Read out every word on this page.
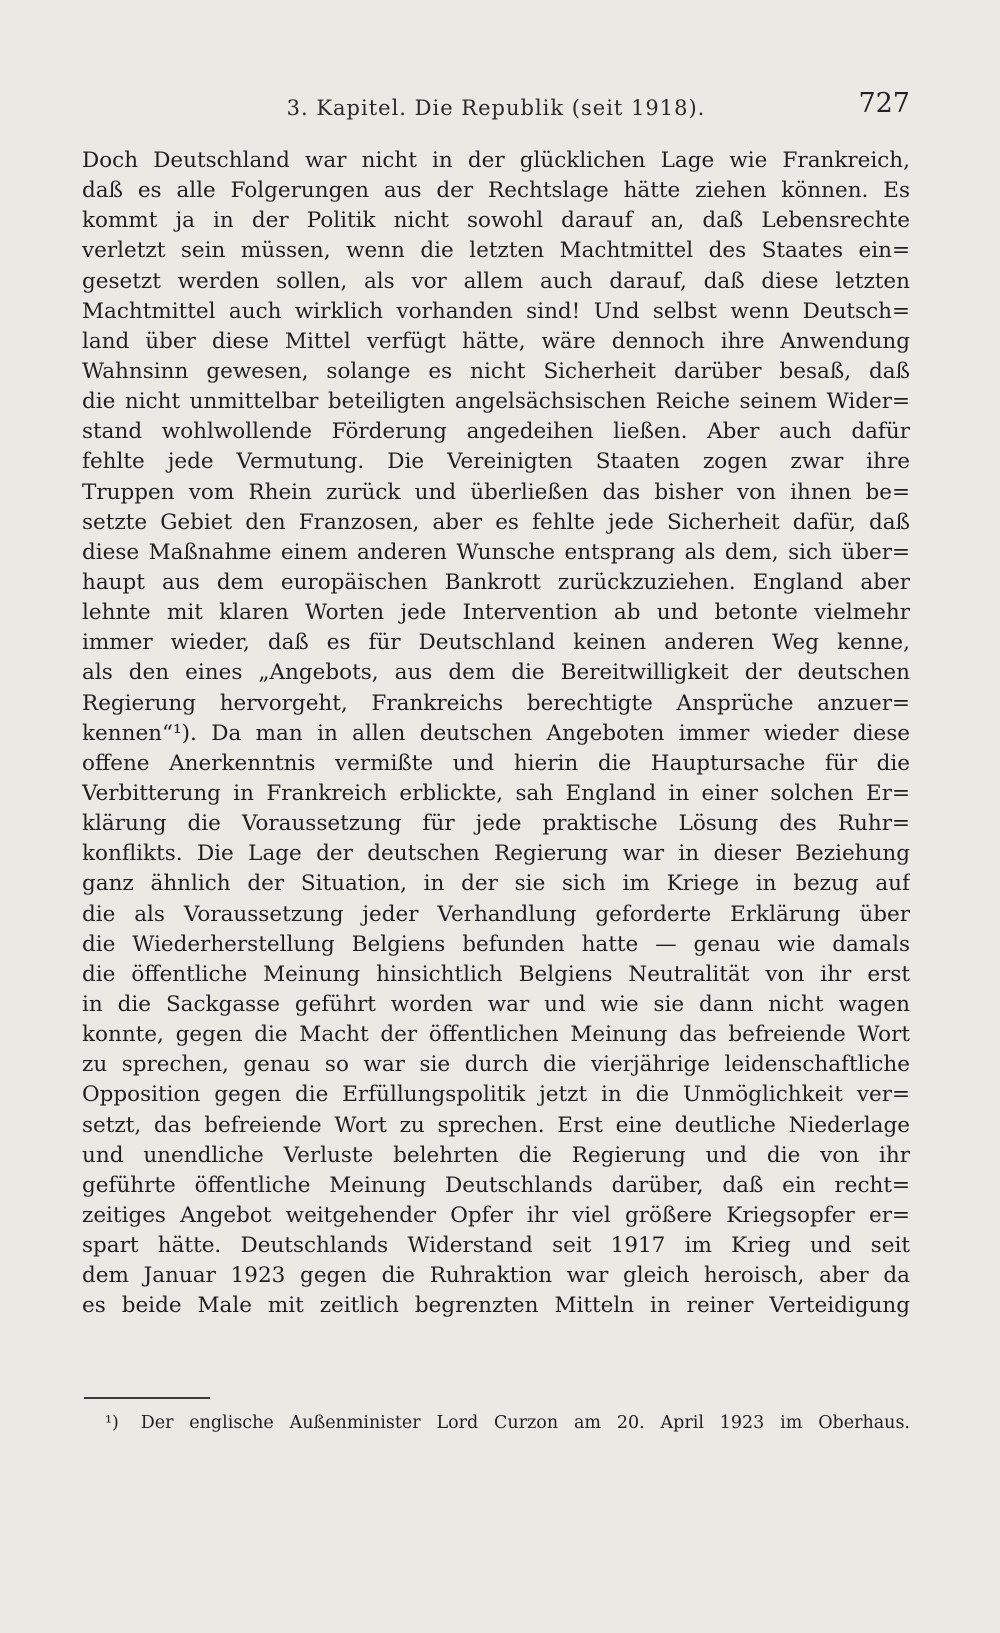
3. Kapitel. Die Republik (seit 1918).	727
Doch Deutschland war nicht in der glücklichen Lage wie Frankreich,
daß es alle Folgerungen aus der Rechtslage hätte ziehen können. Es
kommt ja in der Politik nicht sowohl darauf an, daß Lebensrechte
verletzt sein müssen, wenn die letzten Machtmittel des Staates ein=
gesetzt werden sollen, als vor allem auch darauf, daß diese letzten
Machtmittel auch wirklich vorhanden sind! Und selbst wenn Deutsch=
land über diese Mittel verfügt hätte, wäre dennoch ihre Anwendung
Wahnsinn gewesen, solange es nicht Sicherheit darüber besaß, daß
die nicht unmittelbar beteiligten angelsächsischen Reiche seinem Wider=
stand wohlwollende Förderung angedeihen ließen. Aber auch dafür
fehlte jede Vermutung. Die Vereinigten Staaten zogen zwar ihre
Truppen vom Rhein zurück und überließen das bisher von ihnen be=
setzte Gebiet den Franzosen, aber es fehlte jede Sicherheit dafür, daß
diese Maßnahme einem anderen Wunsche entsprang als dem, sich über=
haupt aus dem europäischen Bankrott zurückzuziehen. England aber
lehnte mit klaren Worten jede Intervention ab und betonte vielmehr
immer wieder, daß es für Deutschland keinen anderen Weg kenne,
als den eines „Angebots, aus dem die Bereitwilligkeit der deutschen
Regierung hervorgeht, Frankreichs berechtigte Ansprüche anzuer=
kennen“¹). Da man in allen deutschen Angeboten immer wieder diese
offene Anerkenntnis vermißte und hierin die Hauptursache für die
Verbitterung in Frankreich erblickte, sah England in einer solchen Er=
klärung die Voraussetzung für jede praktische Lösung des Ruhr=
konflikts. Die Lage der deutschen Regierung war in dieser Beziehung
ganz ähnlich der Situation, in der sie sich im Kriege in bezug auf
die als Voraussetzung jeder Verhandlung geforderte Erklärung über
die Wiederherstellung Belgiens befunden hatte — genau wie damals
die öffentliche Meinung hinsichtlich Belgiens Neutralität von ihr erst
in die Sackgasse geführt worden war und wie sie dann nicht wagen
konnte, gegen die Macht der öffentlichen Meinung das befreiende Wort
zu sprechen, genau so war sie durch die vierjährige leidenschaftliche
Opposition gegen die Erfüllungspolitik jetzt in die Unmöglichkeit ver=
setzt, das befreiende Wort zu sprechen. Erst eine deutliche Niederlage
und unendliche Verluste belehrten die Regierung und die von ihr
geführte öffentliche Meinung Deutschlands darüber, daß ein recht=
zeitiges Angebot weitgehender Opfer ihr viel größere Kriegsopfer er=
spart hätte. Deutschlands Widerstand seit 1917 im Krieg und seit
dem Januar 1923 gegen die Ruhraktion war gleich heroisch, aber da
es beide Male mit zeitlich begrenzten Mitteln in reiner Verteidigung
¹) Der englische Außenminister Lord Curzon am 20. April 1923 im Oberhaus.
